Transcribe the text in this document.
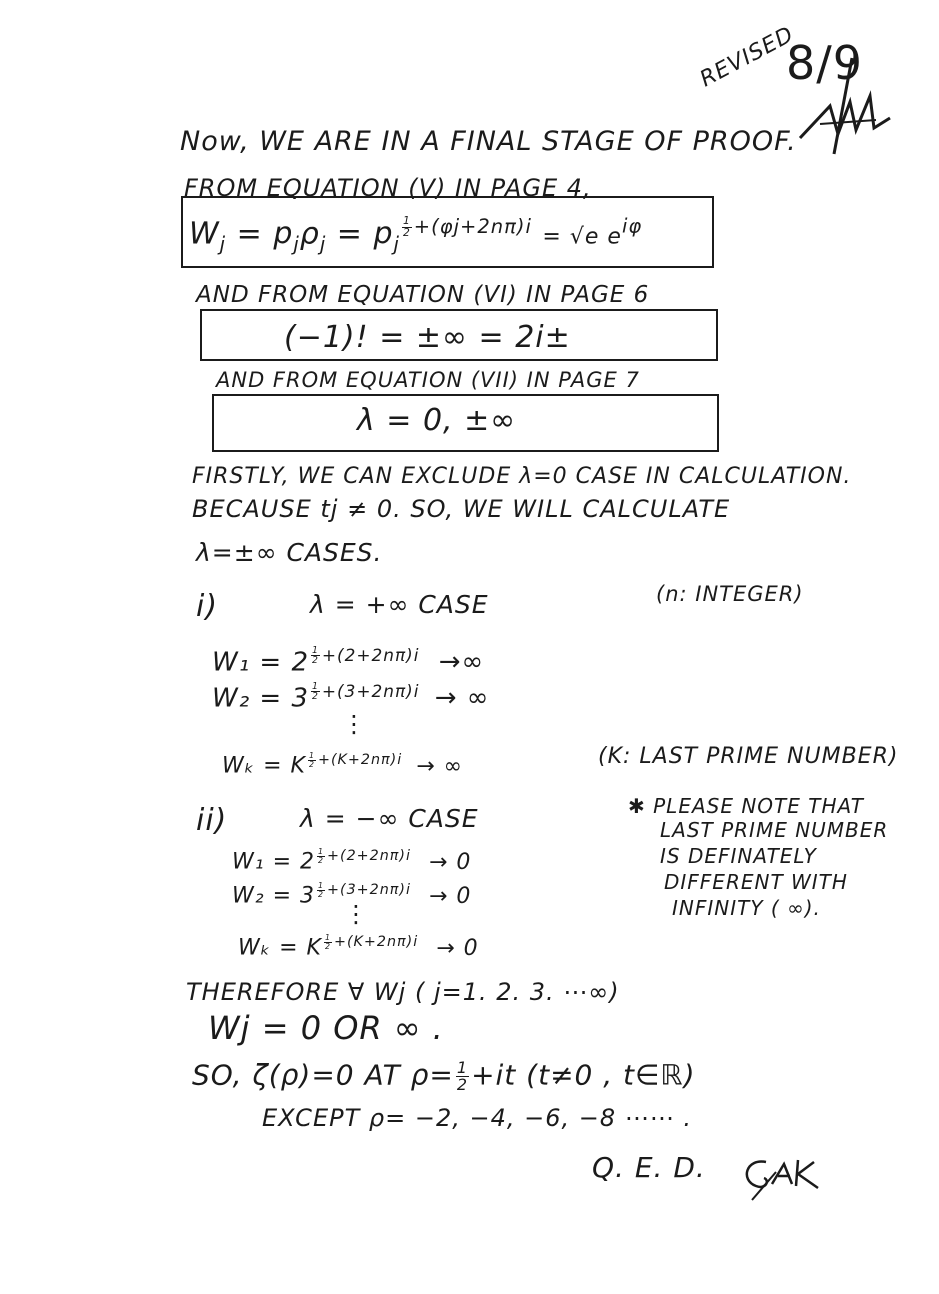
REVISED
8/9
Now, WE ARE IN A FINAL STAGE OF PROOF.
FROM EQUATION (V) IN PAGE 4,
$W_j = p_j\rho_j = p_j$
$^{\frac{1}{2} +(\varphi j+2n\pi)i}$ = √e $e^{i\varphi}$
AND FROM EQUATION (VI) IN PAGE 6
(−1)! = ±∞ = 2i±
AND FROM EQUATION (VII) IN PAGE 7
λ = 0, ±∞
FIRSTLY, WE CAN EXCLUDE λ=0 CASE IN CALCULATION.
BECAUSE tj ≠ 0. SO, WE WILL CALCULATE
λ=±∞ CASES.
i)	λ = +∞ CASE	(n: INTEGER)
W₁ = 2 $^{\frac{1}{2} +(2+2n\pi)i}$ →∞
W₂ = 3 $^{\frac{1}{2} +(3+2n\pi)i}$ → ∞
⋮
Wₖ = K $^{\frac{1}{2} +(K+2n\pi)i}$ → ∞	(K: LAST PRIME NUMBER)
ii)	λ = −∞ CASE
W₁ = 2 $^{\frac{1}{2} +(2+2n\pi)i}$ → 0
W₂ = 3 $^{\frac{1}{2} +(3+2n\pi)i}$ → 0
⋮
Wₖ = K $^{\frac{1}{2} +(K+2n\pi)i}$ → 0
✱ PLEASE NOTE THAT
LAST PRIME NUMBER
IS DEFINATELY
DIFFERENT WITH
INFINITY ( ∞).
THEREFORE ∀ Wj ( j=1. 2. 3. ⋯∞)
Wj = 0 OR ∞ .
SO, ζ(ρ)=0 AT $\rho= \frac{1}{2} +it$ (t≠0 , t∈ℝ)
EXCEPT ρ= −2, −4, −6, −8 ⋯⋯ .
Q. E. D.
